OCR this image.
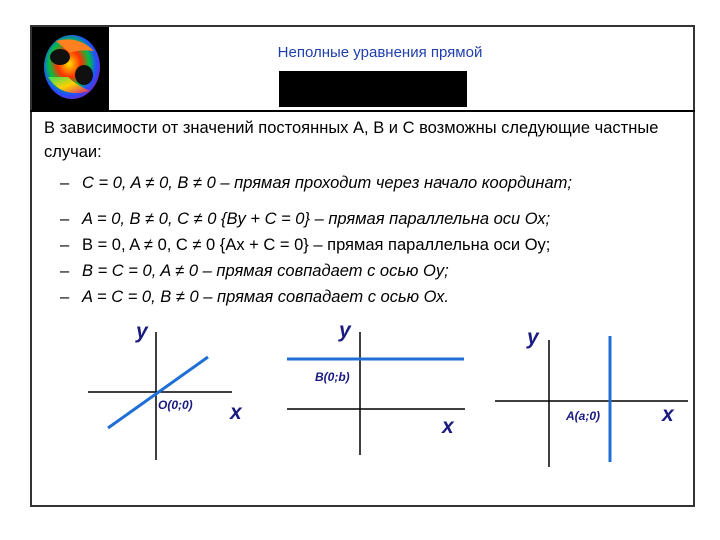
Неполные уравнения прямой
В зависимости от значений постоянных А, В и С возможны следующие частные случаи:
– C = 0, A ≠ 0, B ≠ 0 – прямая проходит через начало координат;
– A = 0, B ≠ 0, C ≠ 0 {By + C = 0} – прямая параллельна оси Ох;
– B = 0, A ≠ 0, C ≠ 0 {Ax + C = 0} – прямая параллельна оси Оу;
– B = C = 0, A ≠ 0 – прямая совпадает с осью Оу;
– A = C = 0, B ≠ 0 – прямая совпадает с осью Ох.
y
x
O(0;0)
y
x
B(0;b)
y
x
A(a;0)
